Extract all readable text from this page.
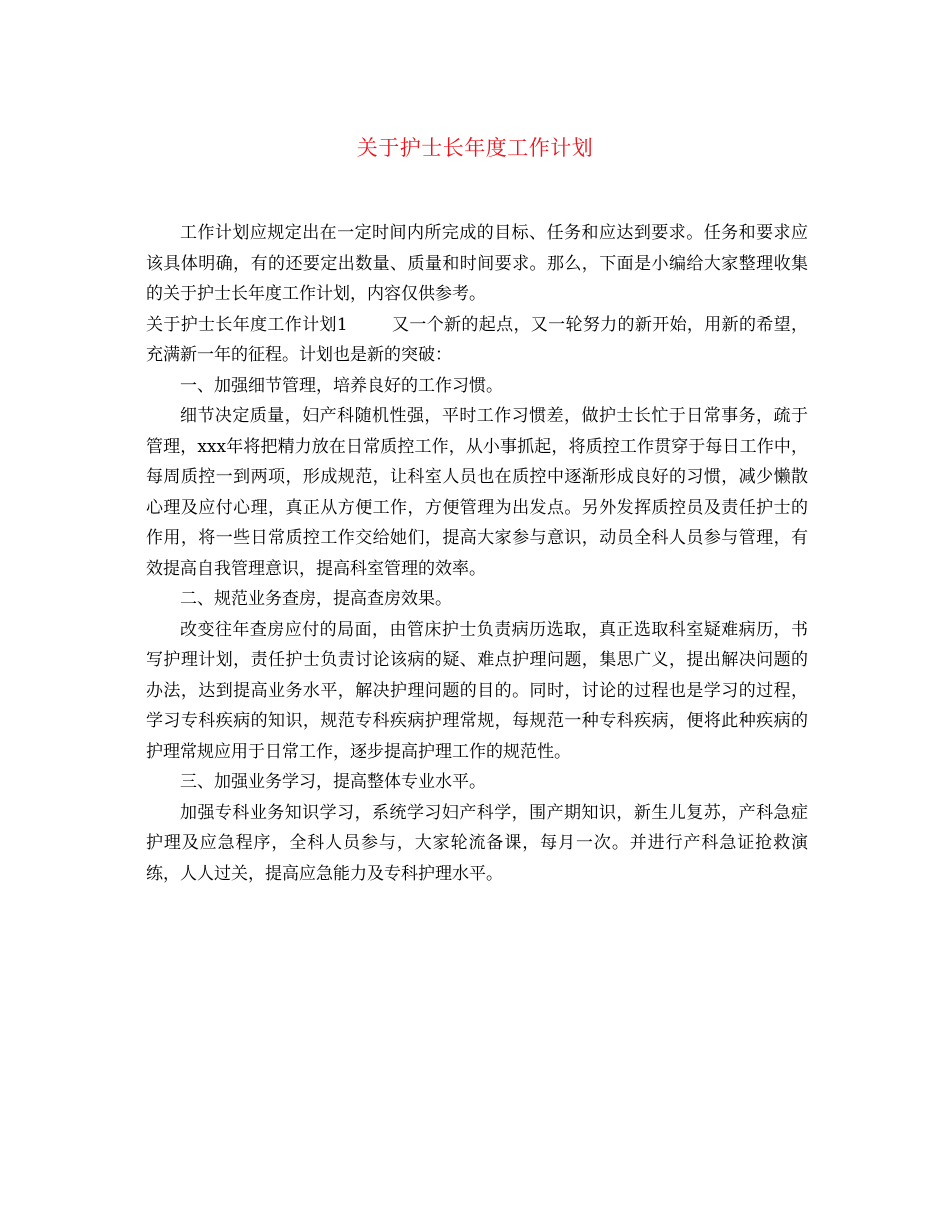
关于护士长年度工作计划

工作计划应规定出在一定时间内所完成的目标、任务和应达到要求。任务和要求应该具体明确，有的还要定出数量、质量和时间要求。那么，下面是小编给大家整理收集的关于护士长年度工作计划，内容仅供参考。

关于护士长年度工作计划1	又一个新的起点，又一轮努力的新开始，用新的希望，充满新一年的征程。计划也是新的突破：

一、加强细节管理，培养良好的工作习惯。

细节决定质量，妇产科随机性强，平时工作习惯差，做护士长忙于日常事务，疏于管理，xxx年将把精力放在日常质控工作，从小事抓起，将质控工作贯穿于每日工作中，每周质控一到两项，形成规范，让科室人员也在质控中逐渐形成良好的习惯，减少懒散心理及应付心理，真正从方便工作，方便管理为出发点。另外发挥质控员及责任护士的作用，将一些日常质控工作交给她们，提高大家参与意识，动员全科人员参与管理，有效提高自我管理意识，提高科室管理的效率。

二、规范业务查房，提高查房效果。

改变往年查房应付的局面，由管床护士负责病历选取，真正选取科室疑难病历，书写护理计划，责任护士负责讨论该病的疑、难点护理问题，集思广义，提出解决问题的办法，达到提高业务水平，解决护理问题的目的。同时，讨论的过程也是学习的过程，学习专科疾病的知识，规范专科疾病护理常规，每规范一种专科疾病，便将此种疾病的护理常规应用于日常工作，逐步提高护理工作的规范性。

三、加强业务学习，提高整体专业水平。

加强专科业务知识学习，系统学习妇产科学，围产期知识，新生儿复苏，产科急症护理及应急程序，全科人员参与，大家轮流备课，每月一次。并进行产科急证抢救演练，人人过关，提高应急能力及专科护理水平。
